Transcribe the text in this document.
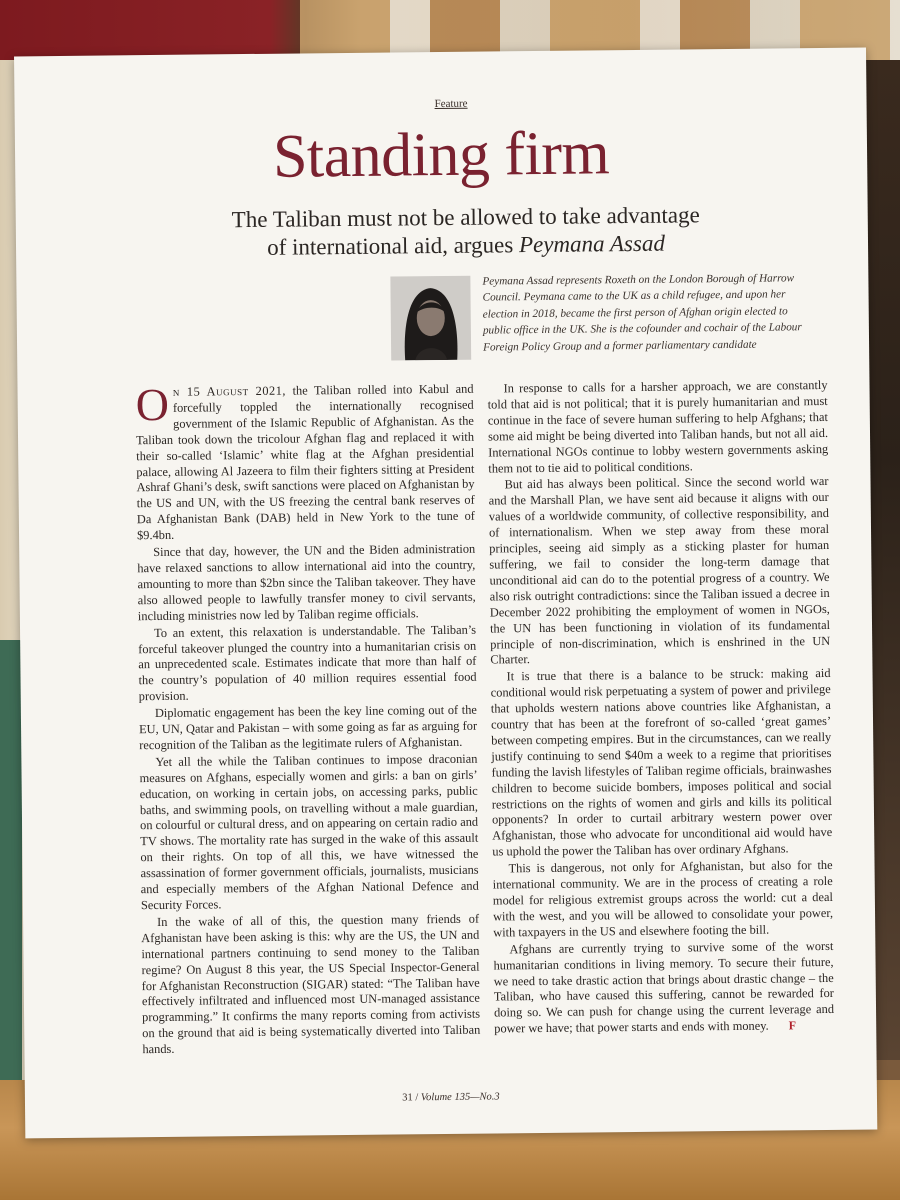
Feature
Standing firm
The Taliban must not be allowed to take advantage
of international aid, argues Peymana Assad

Peymana Assad represents Roxeth on the London Borough of Harrow Council. Peymana came to the UK as a child refugee, and upon her election in 2018, became the first person of Afghan origin elected to public office in the UK. She is the cofounder and cochair of the Labour Foreign Policy Group and a former parliamentary candidate

On 15 August 2021, the Taliban rolled into Kabul and forcefully toppled the internationally recognised government of the Islamic Republic of Afghanistan. As the Taliban took down the tricolour Afghan flag and replaced it with their so-called ‘Islamic’ white flag at the Afghan presidential palace, allowing Al Jazeera to film their fighters sitting at President Ashraf Ghani’s desk, swift sanctions were placed on Afghanistan by the US and UN, with the US freezing the central bank reserves of Da Afghanistan Bank (DAB) held in New York to the tune of $9.4bn.

Since that day, however, the UN and the Biden administration have relaxed sanctions to allow international aid into the country, amounting to more than $2bn since the Taliban takeover. They have also allowed people to lawfully transfer money to civil servants, including ministries now led by Taliban regime officials.

To an extent, this relaxation is understandable. The Taliban’s forceful takeover plunged the country into a humanitarian crisis on an unprecedented scale. Estimates indicate that more than half of the country’s population of 40 million requires essential food provision.

Diplomatic engagement has been the key line coming out of the EU, UN, Qatar and Pakistan – with some going as far as arguing for recognition of the Taliban as the legitimate rulers of Afghanistan.

Yet all the while the Taliban continues to impose draconian measures on Afghans, especially women and girls: a ban on girls’ education, on working in certain jobs, on accessing parks, public baths, and swimming pools, on travelling without a male guardian, on colourful or cultural dress, and on appearing on certain radio and TV shows. The mortality rate has surged in the wake of this assault on their rights. On top of all this, we have witnessed the assassination of former government officials, journalists, musicians and especially members of the Afghan National Defence and Security Forces.

In the wake of all of this, the question many friends of Afghanistan have been asking is this: why are the US, the UN and international partners continuing to send money to the Taliban regime? On August 8 this year, the US Special Inspector-General for Afghanistan Reconstruction (SIGAR) stated: “The Taliban have effectively infiltrated and influenced most UN-managed assistance programming.” It confirms the many reports coming from activists on the ground that aid is being systematically diverted into Taliban hands.

In response to calls for a harsher approach, we are constantly told that aid is not political; that it is purely humanitarian and must continue in the face of severe human suffering to help Afghans; that some aid might be being diverted into Taliban hands, but not all aid. International NGOs continue to lobby western governments asking them not to tie aid to political conditions.

But aid has always been political. Since the second world war and the Marshall Plan, we have sent aid because it aligns with our values of a worldwide community, of collective responsibility, and of internationalism. When we step away from these moral principles, seeing aid simply as a sticking plaster for human suffering, we fail to consider the long-term damage that unconditional aid can do to the potential progress of a country. We also risk outright contradictions: since the Taliban issued a decree in December 2022 prohibiting the employment of women in NGOs, the UN has been functioning in violation of its fundamental principle of non-discrimination, which is enshrined in the UN Charter.

It is true that there is a balance to be struck: making aid conditional would risk perpetuating a system of power and privilege that upholds western nations above countries like Afghanistan, a country that has been at the forefront of so-called ‘great games’ between competing empires. But in the circumstances, can we really justify continuing to send $40m a week to a regime that prioritises funding the lavish lifestyles of Taliban regime officials, brainwashes children to become suicide bombers, imposes political and social restrictions on the rights of women and girls and kills its political opponents? In order to curtail arbitrary western power over Afghanistan, those who advocate for unconditional aid would have us uphold the power the Taliban has over ordinary Afghans.

This is dangerous, not only for Afghanistan, but also for the international community. We are in the process of creating a role model for religious extremist groups across the world: cut a deal with the west, and you will be allowed to consolidate your power, with taxpayers in the US and elsewhere footing the bill.

Afghans are currently trying to survive some of the worst humanitarian conditions in living memory. To secure their future, we need to take drastic action that brings about drastic change – the Taliban, who have caused this suffering, cannot be rewarded for doing so. We can push for change using the current leverage and power we have; that power starts and ends with money. F

31 / Volume 135—No.3
